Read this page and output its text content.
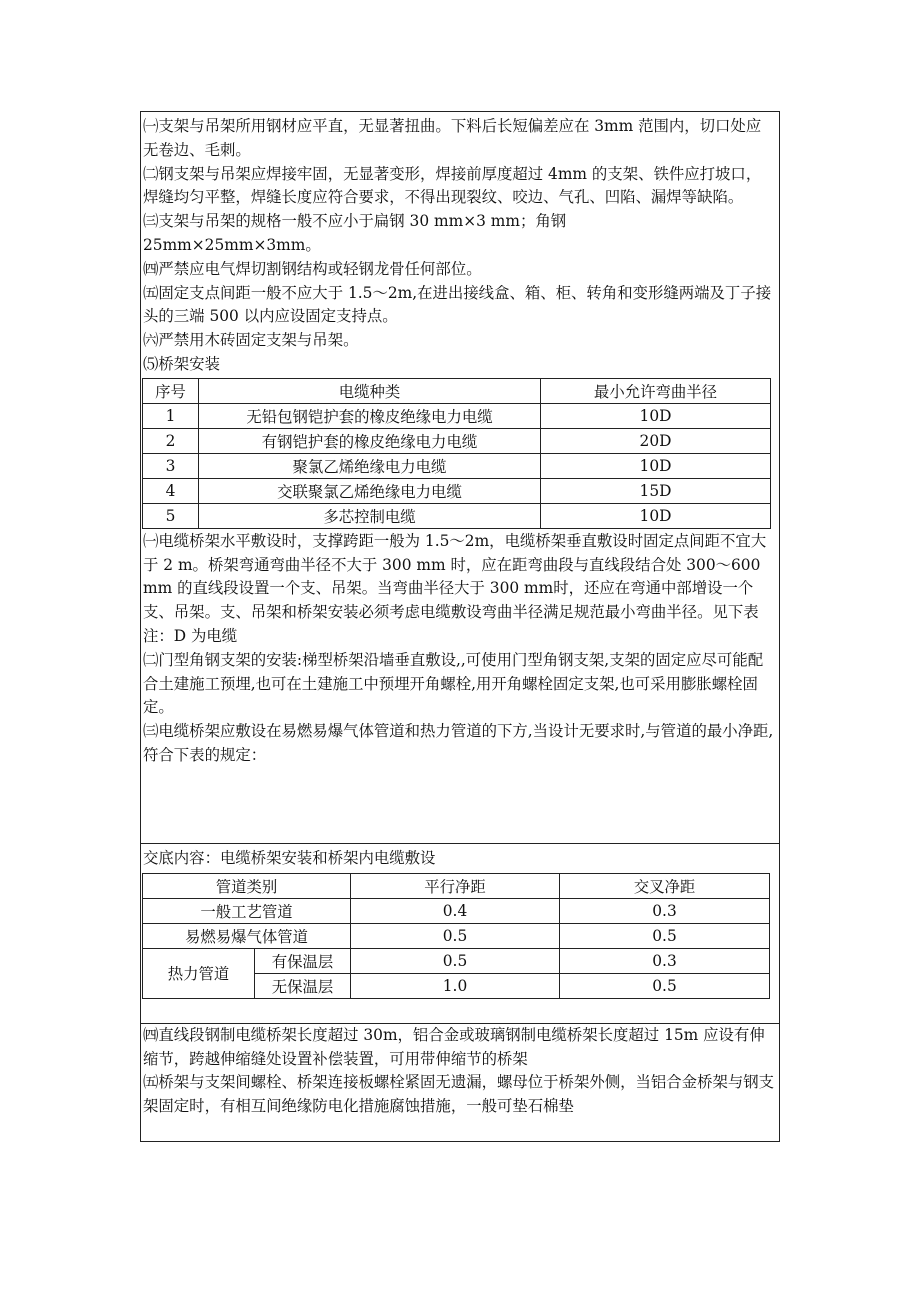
㈠支架与吊架所用钢材应平直，无显著扭曲。下料后长短偏差应在 3mm 范围内，切口处应无卷边、毛刺。

㈡钢支架与吊架应焊接牢固，无显著变形，焊接前厚度超过 4mm 的支架、铁件应打坡口，焊缝均匀平整，焊缝长度应符合要求，不得出现裂纹、咬边、气孔、凹陷、漏焊等缺陷。

㈢支架与吊架的规格一般不应小于扁钢 30 mm×3 mm；角钢

25mm×25mm×3mm。

㈣严禁应电气焊切割钢结构或轻钢龙骨任何部位。

㈤固定支点间距一般不应大于 1.5～2m,在进出接线盒、箱、柜、转角和变形缝两端及丁子接头的三端 500 以内应设固定支持点。

㈥严禁用木砖固定支架与吊架。

⑸桥架安装

序号	电缆种类	最小允许弯曲半径
1	无铅包钢铠护套的橡皮绝缘电力电缆	10D
2	有钢铠护套的橡皮绝缘电力电缆	20D
3	聚氯乙烯绝缘电力电缆	10D
4	交联聚氯乙烯绝缘电力电缆	15D
5	多芯控制电缆	10D

㈠电缆桥架水平敷设时，支撑跨距一般为 1.5～2m，电缆桥架垂直敷设时固定点间距不宜大于 2 m。桥架弯通弯曲半径不大于 300 mm 时，应在距弯曲段与直线段结合处 300～600 mm 的直线段设置一个支、吊架。当弯曲半径大于 300 mm时，还应在弯通中部增设一个支、吊架。支、吊架和桥架安装必须考虑电缆敷设弯曲半径满足规范最小弯曲半径。见下表

注：D 为电缆

㈡门型角钢支架的安装:梯型桥架沿墙垂直敷设,,可使用门型角钢支架,支架的固定应尽可能配合土建施工预埋,也可在土建施工中预埋开角螺栓,用开角螺栓固定支架,也可采用膨胀螺栓固定。

㈢电缆桥架应敷设在易燃易爆气体管道和热力管道的下方,当设计无要求时,与管道的最小净距,符合下表的规定：

交底内容：电缆桥架安装和桥架内电缆敷设

管道类别		平行净距	交叉净距
一般工艺管道		0.4	0.3
易燃易爆气体管道		0.5	0.5
热力管道	有保温层	0.5	0.3
	无保温层	1.0	0.5

㈣直线段钢制电缆桥架长度超过 30m，铝合金或玻璃钢制电缆桥架长度超过 15m 应设有伸缩节，跨越伸缩缝处设置补偿装置，可用带伸缩节的桥架

㈤桥架与支架间螺栓、桥架连接板螺栓紧固无遗漏，螺母位于桥架外侧，当铝合金桥架与钢支架固定时，有相互间绝缘防电化措施腐蚀措施，一般可垫石棉垫
